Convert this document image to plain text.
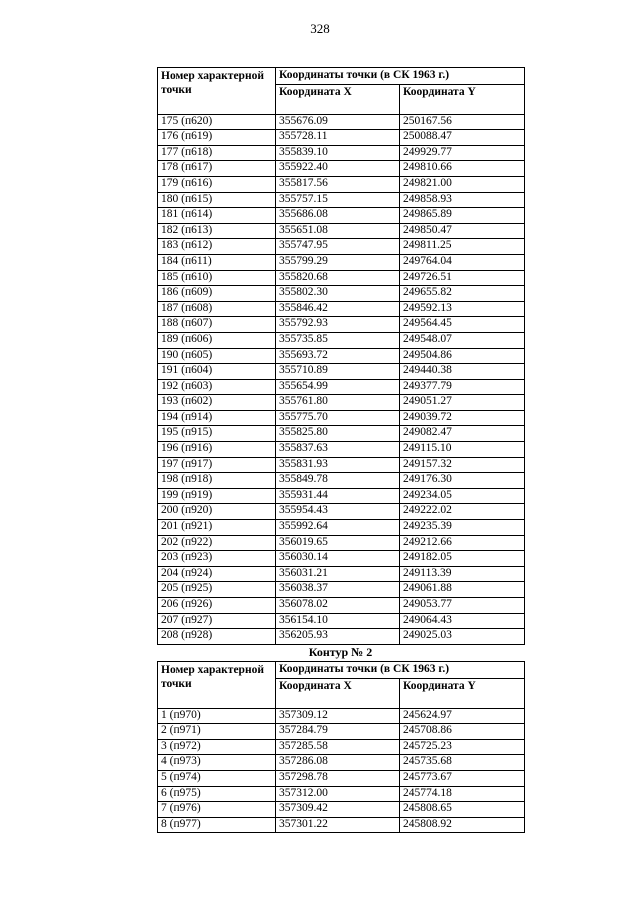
328
Номер характерной точки	Координаты точки (в СК 1963 г.)	
	Координата X	Координата Y
175 (п620)	355676.09	250167.56
176 (п619)	355728.11	250088.47
177 (п618)	355839.10	249929.77
178 (п617)	355922.40	249810.66
179 (п616)	355817.56	249821.00
180 (п615)	355757.15	249858.93
181 (п614)	355686.08	249865.89
182 (п613)	355651.08	249850.47
183 (п612)	355747.95	249811.25
184 (п611)	355799.29	249764.04
185 (п610)	355820.68	249726.51
186 (п609)	355802.30	249655.82
187 (п608)	355846.42	249592.13
188 (п607)	355792.93	249564.45
189 (п606)	355735.85	249548.07
190 (п605)	355693.72	249504.86
191 (п604)	355710.89	249440.38
192 (п603)	355654.99	249377.79
193 (п602)	355761.80	249051.27
194 (п914)	355775.70	249039.72
195 (п915)	355825.80	249082.47
196 (п916)	355837.63	249115.10
197 (п917)	355831.93	249157.32
198 (п918)	355849.78	249176.30
199 (п919)	355931.44	249234.05
200 (п920)	355954.43	249222.02
201 (п921)	355992.64	249235.39
202 (п922)	356019.65	249212.66
203 (п923)	356030.14	249182.05
204 (п924)	356031.21	249113.39
205 (п925)	356038.37	249061.88
206 (п926)	356078.02	249053.77
207 (п927)	356154.10	249064.43
208 (п928)	356205.93	249025.03
Контур № 2
Номер характерной точки	Координаты точки (в СК 1963 г.)	
	Координата X	Координата Y
1 (п970)	357309.12	245624.97
2 (п971)	357284.79	245708.86
3 (п972)	357285.58	245725.23
4 (п973)	357286.08	245735.68
5 (п974)	357298.78	245773.67
6 (п975)	357312.00	245774.18
7 (п976)	357309.42	245808.65
8 (п977)	357301.22	245808.92
